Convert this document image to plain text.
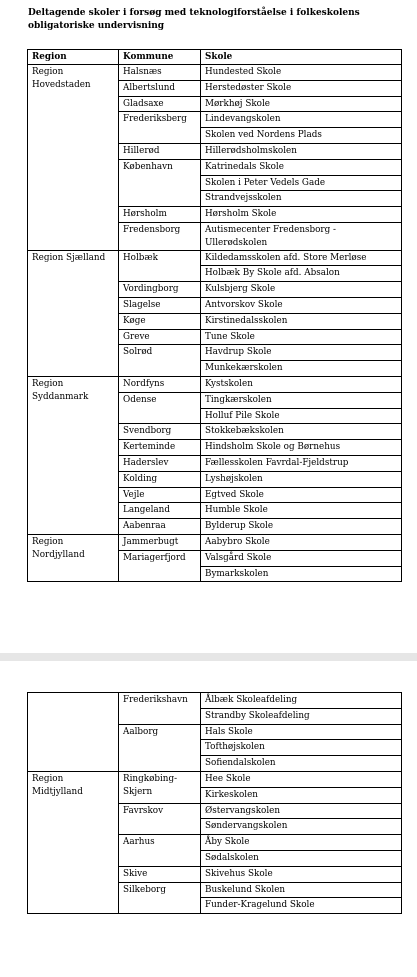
Deltagende skoler i forsøg med teknologiforståelse i folkeskolens obligatoriske undervisning
Region	Kommune	Skole
Region Hovedstaden	Halsnæs	Hundested Skole
	Albertslund	Herstedøster Skole
	Gladsaxe	Mørkhøj Skole
	Frederiksberg	Lindevangskolen
		Skolen ved Nordens Plads
	Hillerød	Hillerødsholmskolen
	København	Katrinedals Skole
		Skolen i Peter Vedels Gade
		Strandvejsskolen
	Hørsholm	Hørsholm Skole
	Fredensborg	Autismecenter Fredensborg - Ullerødskolen
Region Sjælland	Holbæk	Kildedamsskolen afd. Store Merløse
		Holbæk By Skole afd. Absalon
	Vordingborg	Kulsbjerg Skole
	Slagelse	Antvorskov Skole
	Køge	Kirstinedalsskolen
	Greve	Tune Skole
	Solrød	Havdrup Skole
		Munkekærskolen
Region Syddanmark	Nordfyns	Kystskolen
	Odense	Tingkærskolen
		Holluf Pile Skole
	Svendborg	Stokkebækskolen
	Kerteminde	Hindsholm Skole og Børnehus
	Haderslev	Fællesskolen Favrdal-Fjeldstrup
	Kolding	Lyshøjskolen
	Vejle	Egtved Skole
	Langeland	Humble Skole
	Aabenraa	Bylderup Skole
Region Nordjylland	Jammerbugt	Aabybro Skole
	Mariagerfjord	Valsgård Skole
		Bymarkskolen
	Frederikshavn	Ålbæk Skoleafdeling
		Strandby Skoleafdeling
	Aalborg	Hals Skole
		Tofthøjskolen
		Sofiendalskolen
Region Midtjylland	Ringkøbing-Skjern	Hee Skole
		Kirkeskolen
	Favrskov	Østervangskolen
		Søndervangskolen
	Aarhus	Åby Skole
		Sødalskolen
	Skive	Skivehus Skole
	Silkeborg	Buskelund Skolen
		Funder-Kragelund Skole
